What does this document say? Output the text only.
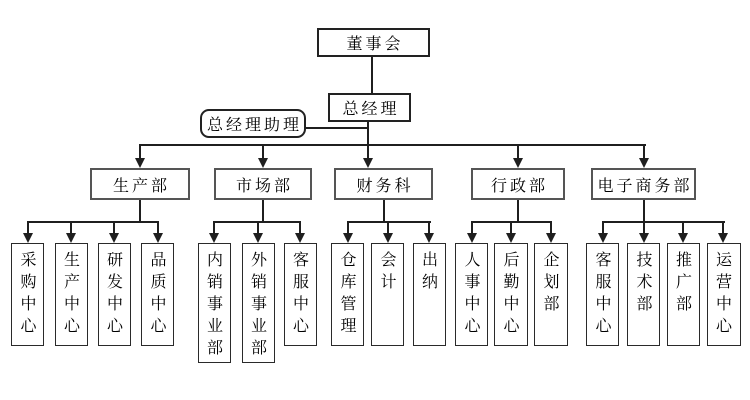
董事会
总经理
总经理助理
生产部	市场部	财务科	行政部	电子商务部
采购中心	生产中心	研发中心	品质中心	内销事业部	外销事业部	客服中心	仓库管理	会计	出纳	人事中心	后勤中心	企划部	客服中心	技术部	推广部	运营中心
